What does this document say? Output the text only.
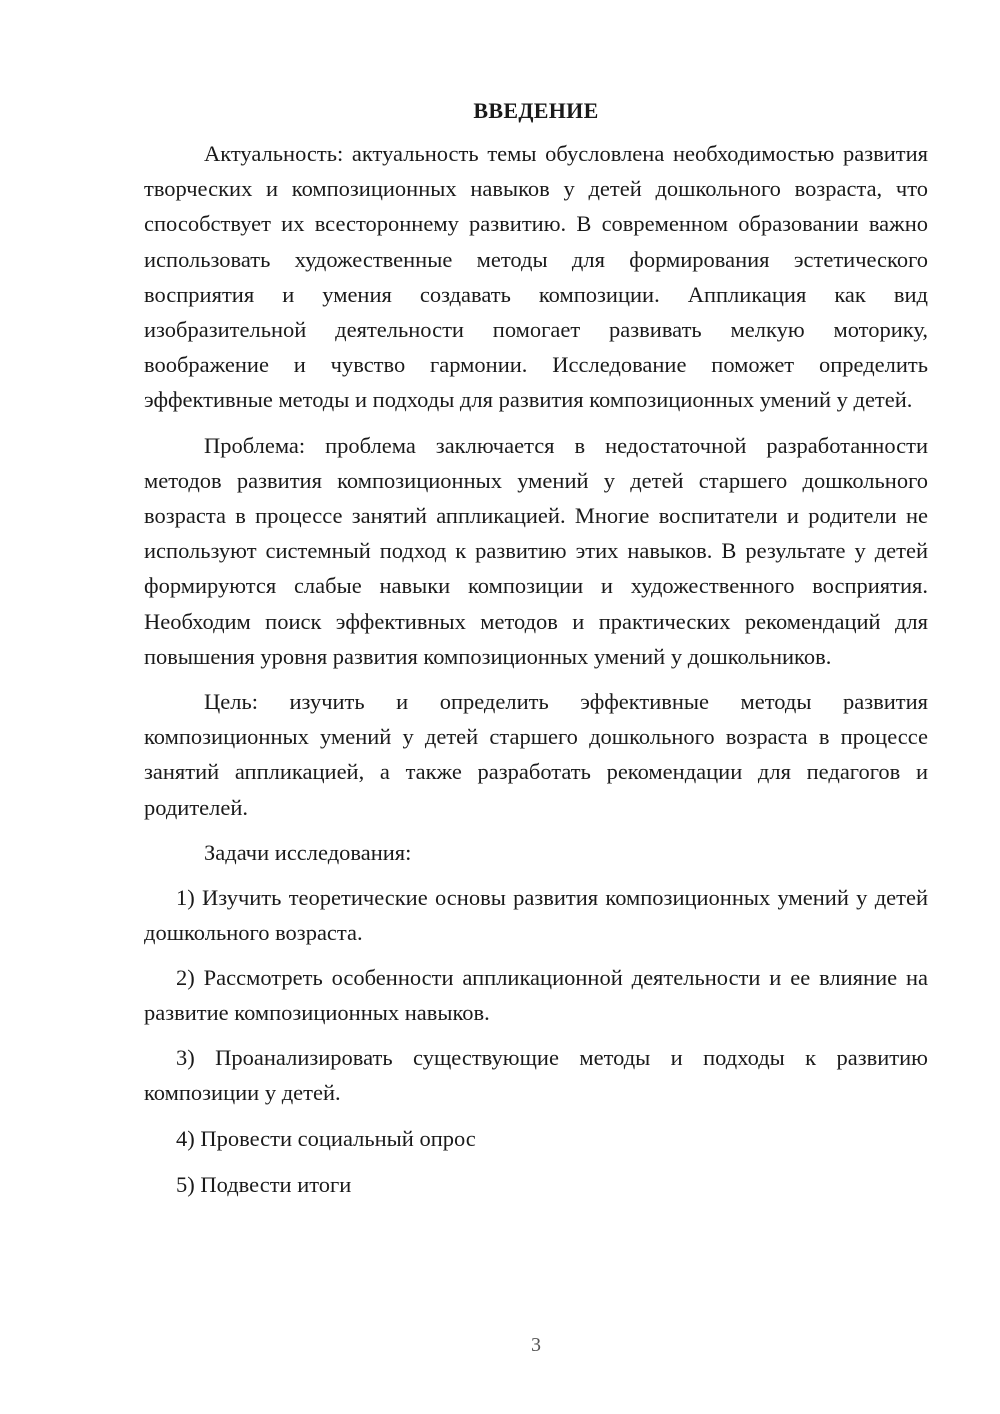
ВВЕДЕНИЕ

Актуальность: актуальность темы обусловлена необходимостью развития творческих и композиционных навыков у детей дошкольного возраста, что способствует их всестороннему развитию. В современном образовании важно использовать художественные методы для формирования эстетического восприятия и умения создавать композиции. Аппликация как вид изобразительной деятельности помогает развивать мелкую моторику, воображение и чувство гармонии. Исследование поможет определить эффективные методы и подходы для развития композиционных умений у детей.

Проблема: проблема заключается в недостаточной разработанности методов развития композиционных умений у детей старшего дошкольного возраста в процессе занятий аппликацией. Многие воспитатели и родители не используют системный подход к развитию этих навыков. В результате у детей формируются слабые навыки композиции и художественного восприятия. Необходим поиск эффективных методов и практических рекомендаций для повышения уровня развития композиционных умений у дошкольников.

Цель: изучить и определить эффективные методы развития композиционных умений у детей старшего дошкольного возраста в процессе занятий аппликацией, а также разработать рекомендации для педагогов и родителей.

Задачи исследования:

1) Изучить теоретические основы развития композиционных умений у детей дошкольного возраста.

2) Рассмотреть особенности аппликационной деятельности и ее влияние на развитие композиционных навыков.

3) Проанализировать существующие методы и подходы к развитию композиции у детей.

4) Провести социальный опрос

5) Подвести итоги

3
